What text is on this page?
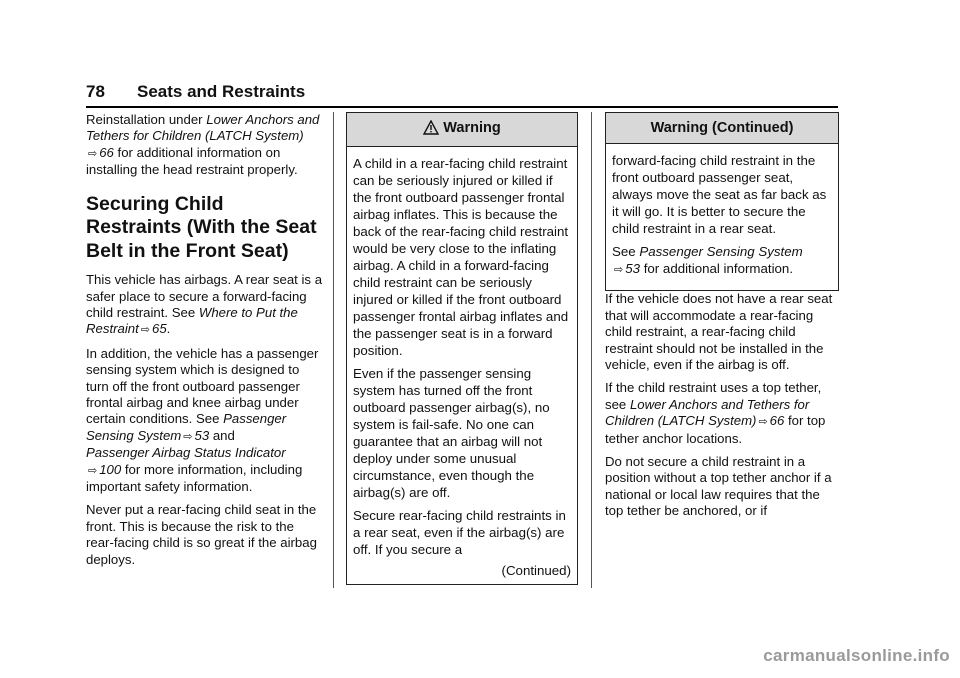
78 Seats and Restraints

Reinstallation under Lower Anchors and Tethers for Children (LATCH System) ⇨ 66 for additional information on installing the head restraint properly.

Securing Child Restraints (With the Seat Belt in the Front Seat)

This vehicle has airbags. A rear seat is a safer place to secure a forward-facing child restraint. See Where to Put the Restraint ⇨ 65.

In addition, the vehicle has a passenger sensing system which is designed to turn off the front outboard passenger frontal airbag and knee airbag under certain conditions. See Passenger Sensing System ⇨ 53 and
Passenger Airbag Status Indicator
⇨ 100 for more information, including important safety information.

Never put a rear-facing child seat in the front. This is because the risk to the rear-facing child is so great if the airbag deploys.

Warning

A child in a rear-facing child restraint can be seriously injured or killed if the front outboard passenger frontal airbag inflates. This is because the back of the rear-facing child restraint would be very close to the inflating airbag. A child in a forward-facing child restraint can be seriously injured or killed if the front outboard passenger frontal airbag inflates and the passenger seat is in a forward position.

Even if the passenger sensing system has turned off the front outboard passenger airbag(s), no system is fail-safe. No one can guarantee that an airbag will not deploy under some unusual circumstance, even though the airbag(s) are off.

Secure rear-facing child restraints in a rear seat, even if the airbag(s) are off. If you secure a

(Continued)
Warning (Continued)

forward-facing child restraint in the front outboard passenger seat, always move the seat as far back as it will go. It is better to secure the child restraint in a rear seat.

See Passenger Sensing System
⇨ 53 for additional information.

If the vehicle does not have a rear seat that will accommodate a rear-facing child restraint, a rear-facing child restraint should not be installed in the vehicle, even if the airbag is off.

If the child restraint uses a top tether, see Lower Anchors and Tethers for Children (LATCH System) ⇨ 66 for top tether anchor locations.

Do not secure a child restraint in a position without a top tether anchor if a national or local law requires that the top tether be anchored, or if

carmanualsonline.info
